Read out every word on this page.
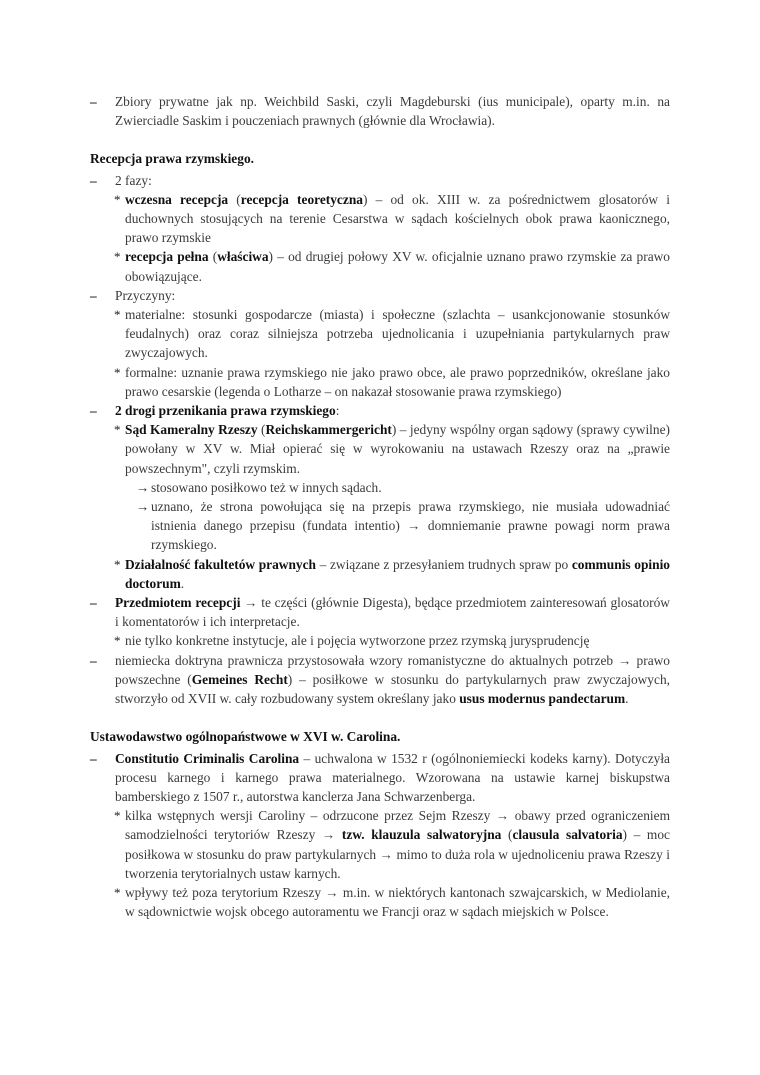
– Zbiory prywatne jak np. Weichbild Saski, czyli Magdeburski (ius municipale), oparty m.in. na Zwierciadle Saskim i pouczeniach prawnych (głównie dla Wrocławia).
Recepcja prawa rzymskiego.
– 2 fazy:
* wczesna recepcja (recepcja teoretyczna) – od ok. XIII w. za pośrednictwem glosatorów i duchownych stosujących na terenie Cesarstwa w sądach kościelnych obok prawa kaonicznego, prawo rzymskie
* recepcja pełna (właściwa) – od drugiej połowy XV w. oficjalnie uznano prawo rzymskie za prawo obowiązujące.
– Przyczyny:
* materialne: stosunki gospodarcze (miasta) i społeczne (szlachta – usankcjonowanie stosunków feudalnych) oraz coraz silniejsza potrzeba ujednolicania i uzupełniania partykularnych praw zwyczajowych.
* formalne: uznanie prawa rzymskiego nie jako prawo obce, ale prawo poprzedników, określane jako prawo cesarskie (legenda o Lotharze – on nakazał stosowanie prawa rzymskiego)
– 2 drogi przenikania prawa rzymskiego:
* Sąd Kameralny Rzeszy (Reichskammergericht) – jedyny wspólny organ sądowy (sprawy cywilne) powołany w XV w. Miał opierać się w wyrokowaniu na ustawach Rzeszy oraz na „prawie powszechnym", czyli rzymskim.
→ stosowano posiłkowo też w innych sądach.
→ uznano, że strona powołująca się na przepis prawa rzymskiego, nie musiała udowadniać istnienia danego przepisu (fundata intentio) → domniemanie prawne powagi norm prawa rzymskiego.
* Działalność fakultetów prawnych – związane z przesyłaniem trudnych spraw po communis opinio doctorum.
– Przedmiotem recepcji → te części (głównie Digesta), będące przedmiotem zainteresowań glosatorów i komentatorów i ich interpretacje.
* nie tylko konkretne instytucje, ale i pojęcia wytworzone przez rzymską jurysprudencję
– niemiecka doktryna prawnicza przystosowała wzory romanistyczne do aktualnych potrzeb → prawo powszechne (Gemeines Recht) – posiłkowe w stosunku do partykularnych praw zwyczajowych, stworzyło od XVII w. cały rozbudowany system określany jako usus modernus pandectarum.
Ustawodawstwo ogólnopaństwowe w XVI w. Carolina.
– Constitutio Criminalis Carolina – uchwalona w 1532 r (ogólnoniemiecki kodeks karny). Dotyczyła procesu karnego i karnego prawa materialnego. Wzorowana na ustawie karnej biskupstwa bamberskiego z 1507 r., autorstwa kanclerza Jana Schwarzenberga.
* kilka wstępnych wersji Caroliny – odrzucone przez Sejm Rzeszy → obawy przed ograniczeniem samodzielności terytoriów Rzeszy → tzw. klauzula salwatoryjna (clausula salvatoria) – moc posiłkowa w stosunku do praw partykularnych → mimo to duża rola w ujednoliceniu prawa Rzeszy i tworzenia terytorialnych ustaw karnych.
* wpływy też poza terytorium Rzeszy → m.in. w niektórych kantonach szwajcarskich, w Mediolanie, w sądownictwie wojsk obcego autoramentu we Francji oraz w sądach miejskich w Polsce.
